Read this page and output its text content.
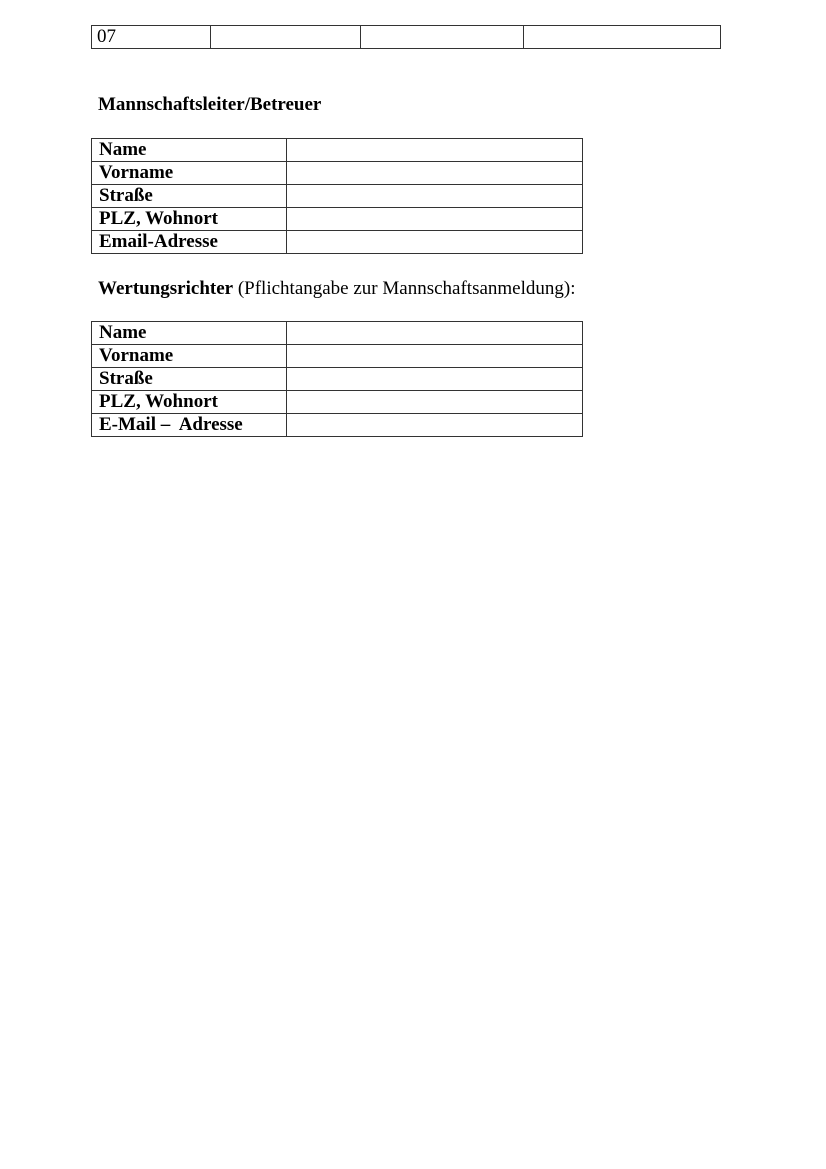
07			
Mannschaftsleiter/Betreuer
Name	
Vorname	
Straße	
PLZ, Wohnort	
Email-Adresse	
Wertungsrichter (Pflichtangabe zur Mannschaftsanmeldung):
Name	
Vorname	
Straße	
PLZ, Wohnort	
E-Mail –  Adresse	
